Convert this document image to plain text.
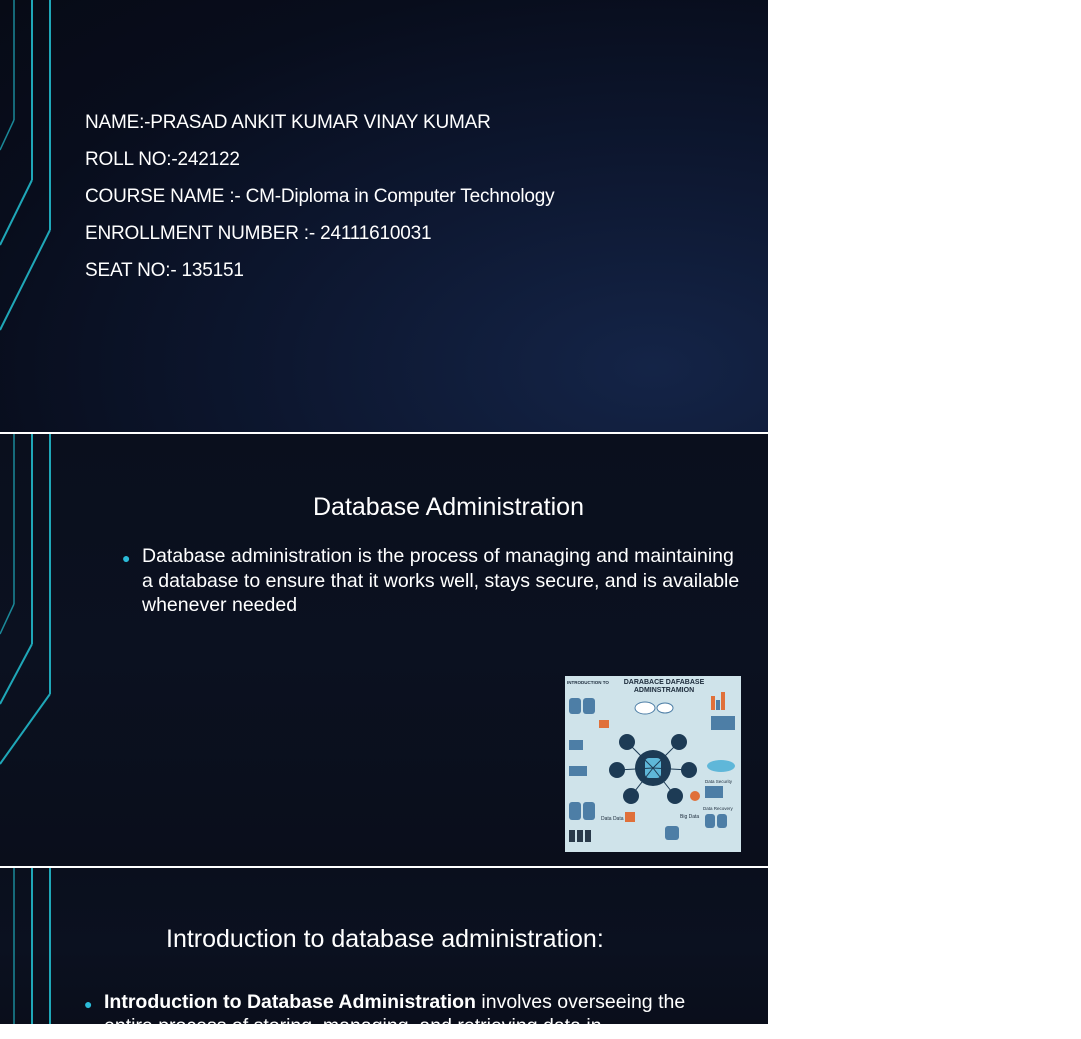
NAME:-PRASAD ANKIT KUMAR VINAY KUMAR
ROLL NO:-242122
COURSE NAME :- CM-Diploma in Computer Technology
ENROLLMENT NUMBER :- 24111610031
SEAT NO:- 135151
Database Administration
● Database administration is the process of managing and maintaining a database to ensure that it works well, stays secure, and is available whenever needed
INTRODUCTION TO	DARABACE DAFABASE ADMINSTRAMION
Big Data
Data Data
Data Recovery
Data Security
Introduction to database administration:
● Introduction to Database Administration involves overseeing the
entire process of storing, managing, and retrieving data in
